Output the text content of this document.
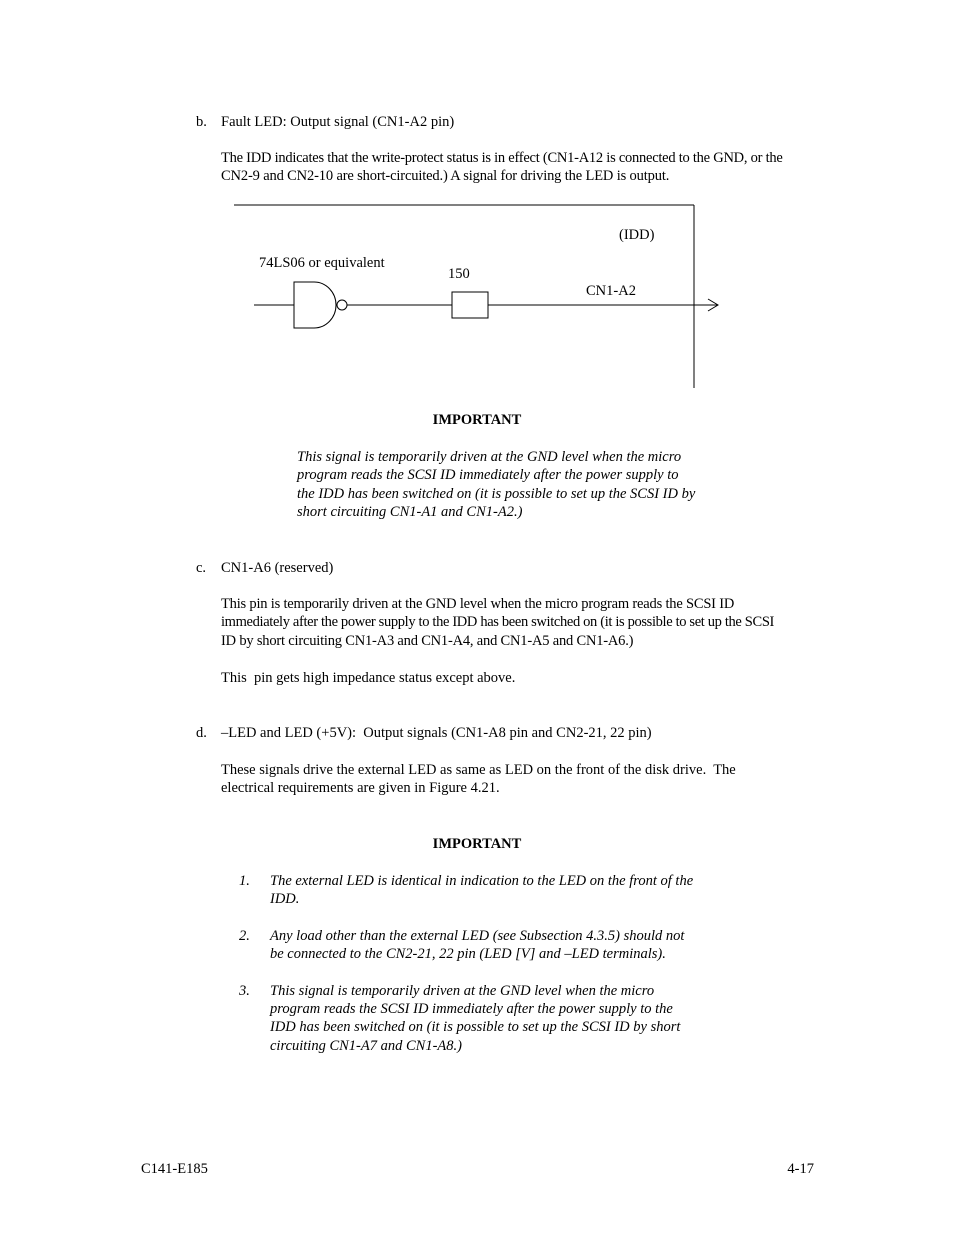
b. Fault LED: Output signal (CN1-A2 pin)
The IDD indicates that the write-protect status is in effect (CN1-A12 is connected to the GND, or the
CN2-9 and CN2-10 are short-circuited.) A signal for driving the LED is output.
(IDD)
74LS06 or equivalent
150
CN1-A2
IMPORTANT
This signal is temporarily driven at the GND level when the micro
program reads the SCSI ID immediately after the power supply to
the IDD has been switched on (it is possible to set up the SCSI ID by
short circuiting CN1-A1 and CN1-A2.)
c. CN1-A6 (reserved)
This pin is temporarily driven at the GND level when the micro program reads the SCSI ID
immediately after the power supply to the IDD has been switched on (it is possible to set up the SCSI
ID by short circuiting CN1-A3 and CN1-A4, and CN1-A5 and CN1-A6.)
This  pin gets high impedance status except above.
d. –LED and LED (+5V):  Output signals (CN1-A8 pin and CN2-21, 22 pin)
These signals drive the external LED as same as LED on the front of the disk drive.  The
electrical requirements are given in Figure 4.21.
IMPORTANT
1. The external LED is identical in indication to the LED on the front of the
IDD.
2. Any load other than the external LED (see Subsection 4.3.5) should not
be connected to the CN2-21, 22 pin (LED [V] and –LED terminals).
3. This signal is temporarily driven at the GND level when the micro
program reads the SCSI ID immediately after the power supply to the
IDD has been switched on (it is possible to set up the SCSI ID by short
circuiting CN1-A7 and CN1-A8.)
C141-E185	4-17
